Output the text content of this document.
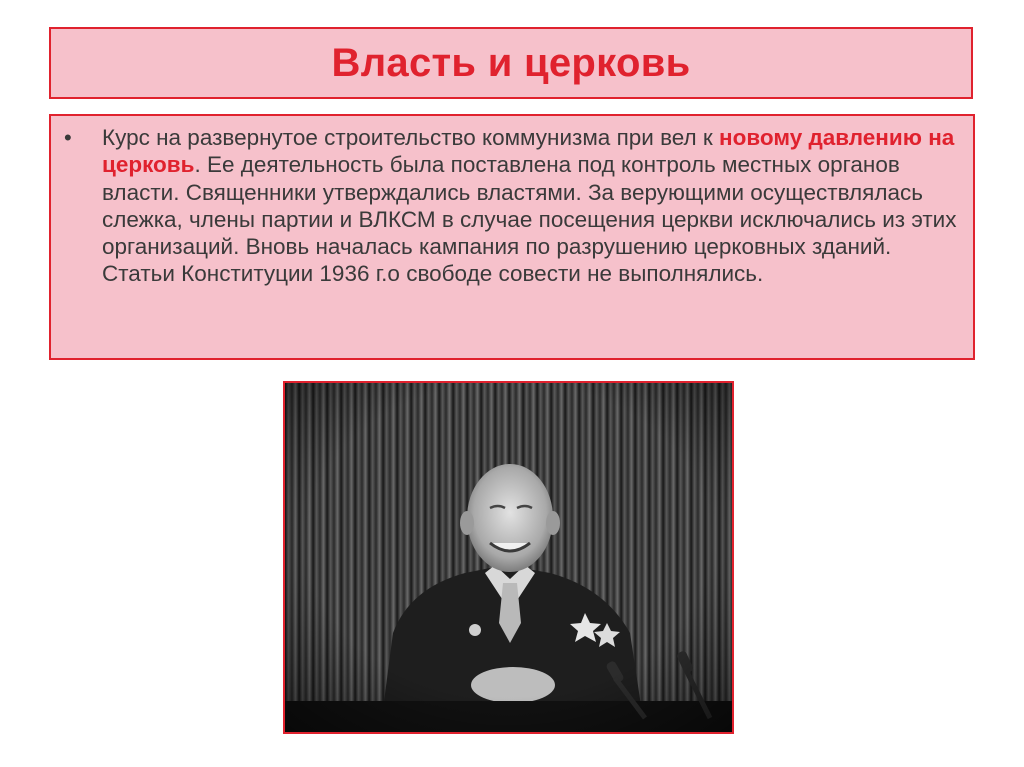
Власть и церковь
•	Курс на развернутое строительство коммунизма при вел к новому давлению на церковь. Ее деятельность была поставлена под контроль местных органов власти. Священники утверждались властями. За верующими осуществлялась слежка, члены партии и ВЛКСМ в случае посещения церкви исключались из этих организаций. Вновь началась кампания по разрушению церковных зданий. Статьи Конституции 1936 г.о свободе совести не выполнялись.
